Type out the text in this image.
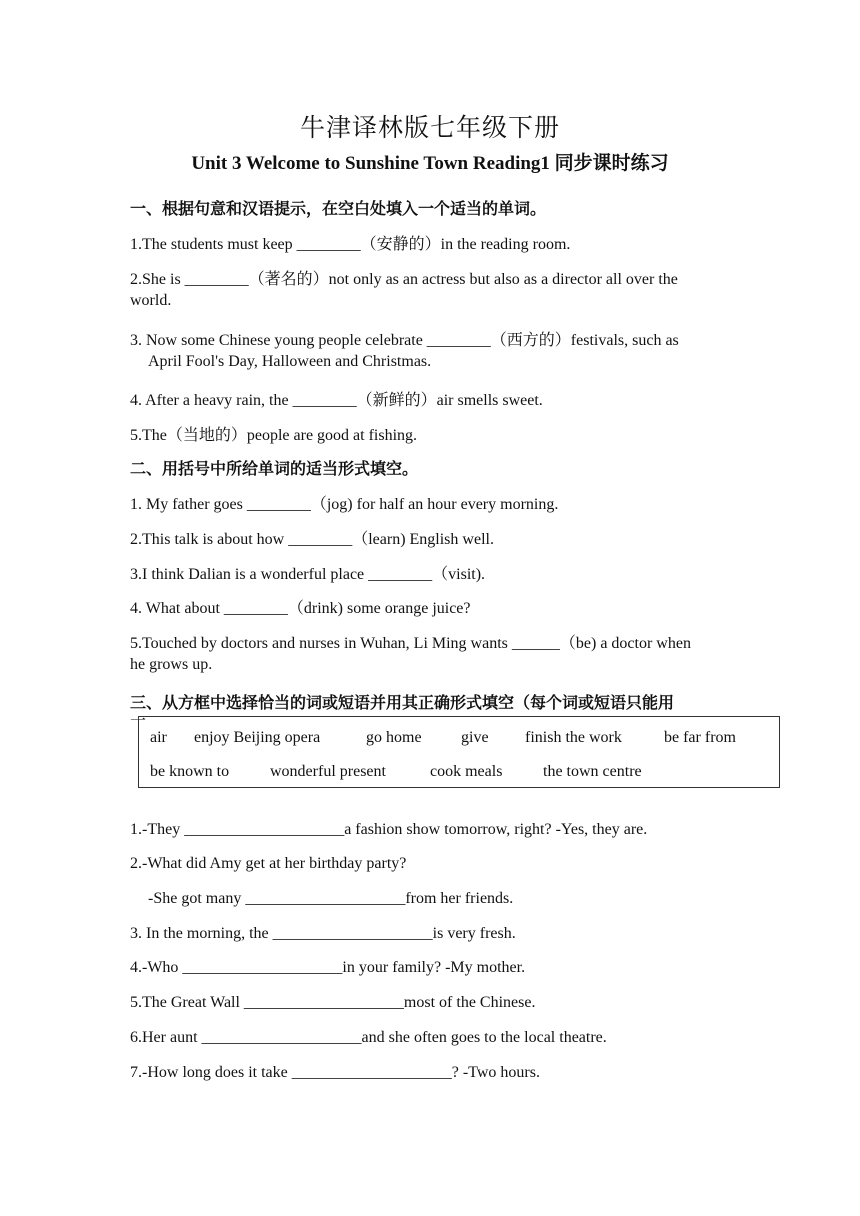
牛津译林版七年级下册
Unit 3 Welcome to Sunshine Town Reading1 同步课时练习
一、根据句意和汉语提示，在空白处填入一个适当的单词。
1.The students must keep ________（安静的）in the reading room.
2.She is ________（著名的）not only as an actress but also as a director all over the
world.
3. Now some Chinese young people celebrate ________（西方的）festivals, such as
April Fool's Day, Halloween and Christmas.
4. After a heavy rain, the ________（新鲜的）air smells sweet.
5.The（当地的）people are good at fishing.
二、用括号中所给单词的适当形式填空。
1. My father goes ________（jog) for half an hour every morning.
2.This talk is about how ________（learn) English well.
3.I think Dalian is a wonderful place ________（visit).
4. What about ________（drink) some orange juice?
5.Touched by doctors and nurses in Wuhan, Li Ming wants ______（be) a doctor when
he grows up.
三、从方框中选择恰当的词或短语并用其正确形式填空（每个词或短语只能用
一
air enjoy Beijing opera	go home give finish the work	be far from
be known to	wonderful present	cook meals	the town centre
1.-They ____________________a fashion show tomorrow, right? -Yes, they are.
2.-What did Amy get at her birthday party?
-She got many ____________________from her friends.
3. In the morning, the ____________________is very fresh.
4.-Who ____________________in your family? -My mother.
5.The Great Wall ____________________most of the Chinese.
6.Her aunt ____________________and she often goes to the local theatre.
7.-How long does it take ____________________? -Two hours.
